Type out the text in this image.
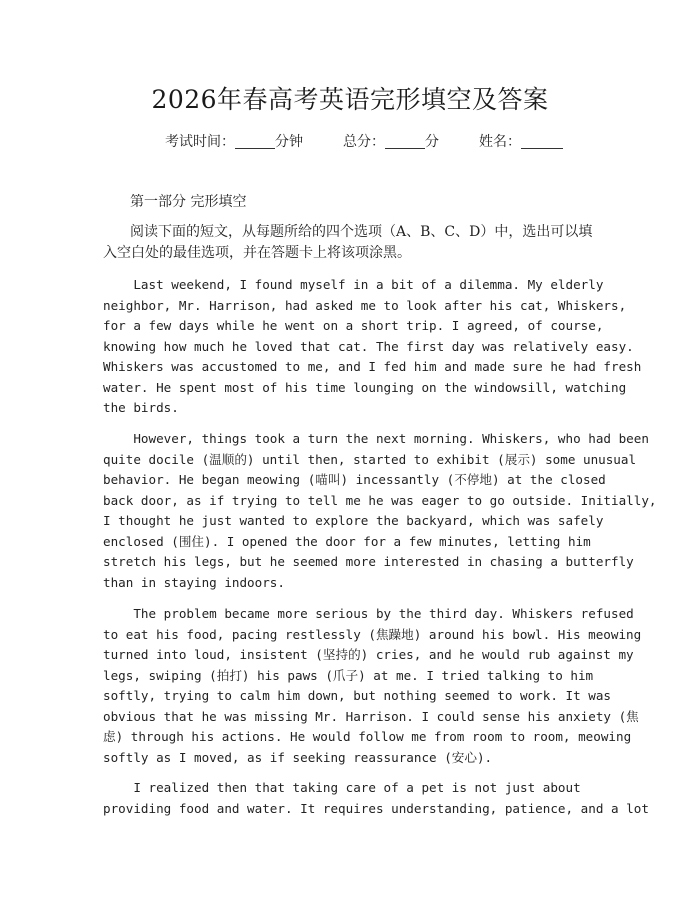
2026年春高考英语完形填空及答案
考试时间：	分钟	总分：	分	姓名：
第一部分 完形填空
阅读下面的短文，从每题所给的四个选项（A、B、C、D）中，选出可以填入空白处的最佳选项，并在答题卡上将该项涂黑。
Last weekend, I found myself in a bit of a dilemma. My elderly
neighbor, Mr. Harrison, had asked me to look after his cat, Whiskers,
for a few days while he went on a short trip. I agreed, of course,
knowing how much he loved that cat. The first day was relatively easy.
Whiskers was accustomed to me, and I fed him and made sure he had fresh
water. He spent most of his time lounging on the windowsill, watching
the birds.
However, things took a turn the next morning. Whiskers, who had been
quite docile (温顺的) until then, started to exhibit (展示) some unusual
behavior. He began meowing (喵叫) incessantly (不停地) at the closed
back door, as if trying to tell me he was eager to go outside. Initially,
I thought he just wanted to explore the backyard, which was safely
enclosed (围住). I opened the door for a few minutes, letting him
stretch his legs, but he seemed more interested in chasing a butterfly
than in staying indoors.
The problem became more serious by the third day. Whiskers refused
to eat his food, pacing restlessly (焦躁地) around his bowl. His meowing
turned into loud, insistent (坚持的) cries, and he would rub against my
legs, swiping (拍打) his paws (爪子) at me. I tried talking to him
softly, trying to calm him down, but nothing seemed to work. It was
obvious that he was missing Mr. Harrison. I could sense his anxiety (焦
虑) through his actions. He would follow me from room to room, meowing
softly as I moved, as if seeking reassurance (安心).
I realized then that taking care of a pet is not just about
providing food and water. It requires understanding, patience, and a lot
